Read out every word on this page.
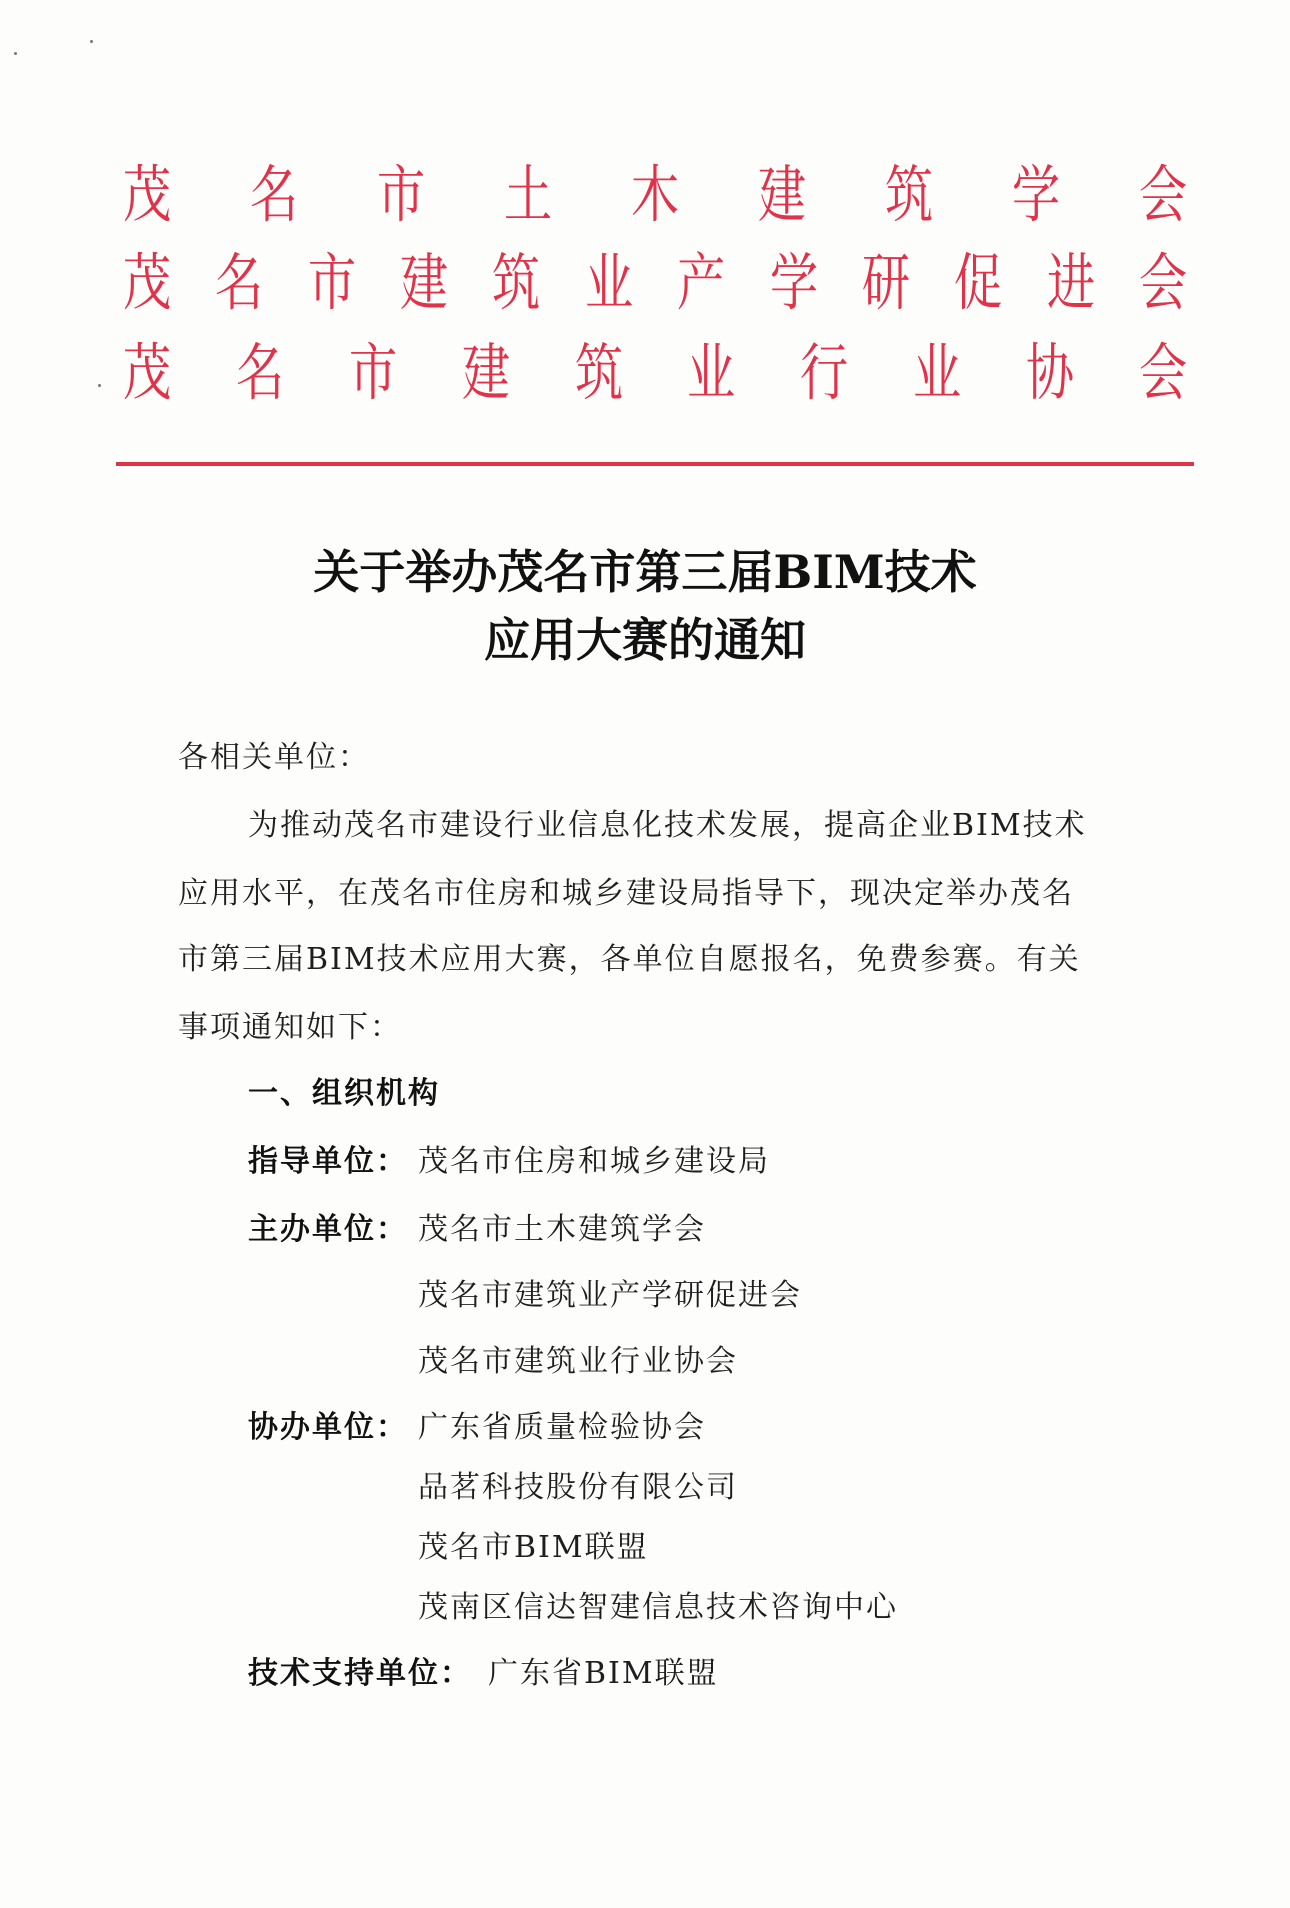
茂 名 市 土 木 建 筑 学 会
茂 名 市 建 筑 业 产 学 研 促 进 会
茂 名 市 建 筑 业 行 业 协 会
关于举办茂名市第三届BIM技术
应用大赛的通知
各相关单位：
为推动茂名市建设行业信息化技术发展，提高企业BIM技术
应用水平，在茂名市住房和城乡建设局指导下，现决定举办茂名
市第三届BIM技术应用大赛，各单位自愿报名，免费参赛。有关
事项通知如下：
一、组织机构
指导单位： 茂名市住房和城乡建设局
主办单位： 茂名市土木建筑学会
茂名市建筑业产学研促进会
茂名市建筑业行业协会
协办单位： 广东省质量检验协会
品茗科技股份有限公司
茂名市BIM联盟
茂南区信达智建信息技术咨询中心
技术支持单位： 广东省BIM联盟
